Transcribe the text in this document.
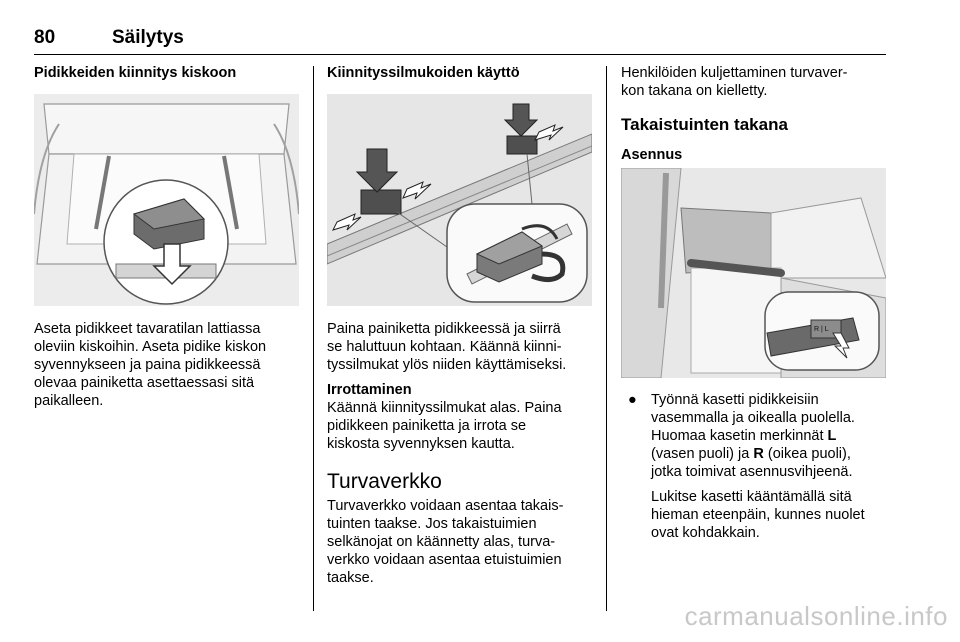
80	Säilytys
Pidikkeiden kiinnitys kiskoon

Aseta pidikkeet tavaratilan lattiassa

oleviin kiskoihin. Aseta pidike kiskon

syvennykseen ja paina pidikkeessä

olevaa painiketta asettaessasi sitä

paikalleen.

Kiinnityssilmukoiden käyttö

Paina painiketta pidikkeessä ja siirrä

se haluttuun kohtaan. Käännä kiinni-

tyssilmukat ylös niiden käyttämiseksi.

Irrottaminen

Käännä kiinnityssilmukat alas. Paina

pidikkeen painiketta ja irrota se

kiskosta syvennyksen kautta.

Turvaverkko

Turvaverkko voidaan asentaa takais-

tuinten taakse. Jos takaistuimien

selkänojat on käännetty alas, turva-

verkko voidaan asentaa etuistuimien

taakse.

Henkilöiden kuljettaminen turvaver-

kon takana on kielletty.

Takaistuinten takana
Asennus
R | L
● Työnnä kasetti pidikkeisiin

vasemmalla ja oikealla puolella.

Huomaa kasetin merkinnät L

(vasen puoli) ja R (oikea puoli),

jotka toimivat asennusvihjeenä.

Lukitse kasetti kääntämällä sitä

hieman eteenpäin, kunnes nuolet

ovat kohdakkain.

carmanualsonline.info
